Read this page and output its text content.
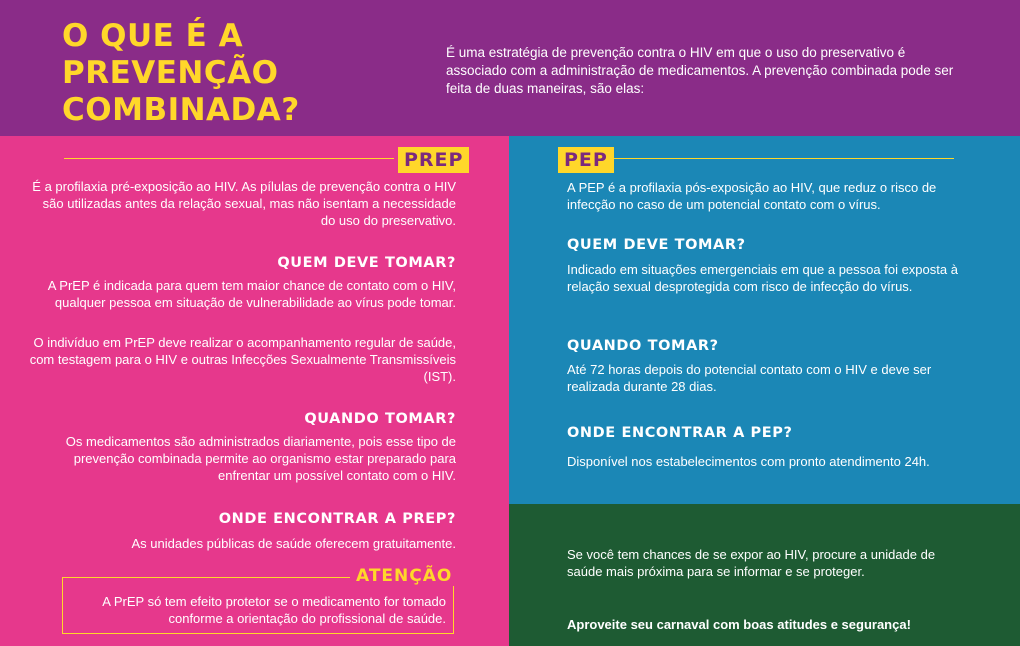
O QUE É A PREVENÇÃO
COMBINADA?
É uma estratégia de prevenção contra o HIV em que o uso do preservativo é associado com a administração de medicamentos. A prevenção combinada pode ser feita de duas maneiras, são elas:
PREP	PEP
É a profilaxia pré-exposição ao HIV. As pílulas de prevenção contra o HIV são utilizadas antes da relação sexual, mas não isentam a necessidade do uso do preservativo.
QUEM DEVE TOMAR?
A PrEP é indicada para quem tem maior chance de contato com o HIV, qualquer pessoa em situação de vulnerabilidade ao vírus pode tomar.
O indivíduo em PrEP deve realizar o acompanhamento regular de saúde, com testagem para o HIV e outras Infecções Sexualmente Transmissíveis (IST).
QUANDO TOMAR?
Os medicamentos são administrados diariamente, pois esse tipo de prevenção combinada permite ao organismo estar preparado para enfrentar um possível contato com o HIV.
ONDE ENCONTRAR A PREP?
As unidades públicas de saúde oferecem gratuitamente.
ATENÇÃO
A PrEP só tem efeito protetor se o medicamento for tomado conforme a orientação do profissional de saúde.
A PEP é a profilaxia pós-exposição ao HIV, que reduz o risco de infecção no caso de um potencial contato com o vírus.
QUEM DEVE TOMAR?
Indicado em situações emergenciais em que a pessoa foi exposta à relação sexual desprotegida com risco de infecção do vírus.
QUANDO TOMAR?
Até 72 horas depois do potencial contato com o HIV e deve ser realizada durante 28 dias.
ONDE ENCONTRAR A PEP?
Disponível nos estabelecimentos com pronto atendimento 24h.
Se você tem chances de se expor ao HIV, procure a unidade de saúde mais próxima para se informar e se proteger.
Aproveite seu carnaval com boas atitudes e segurança!
